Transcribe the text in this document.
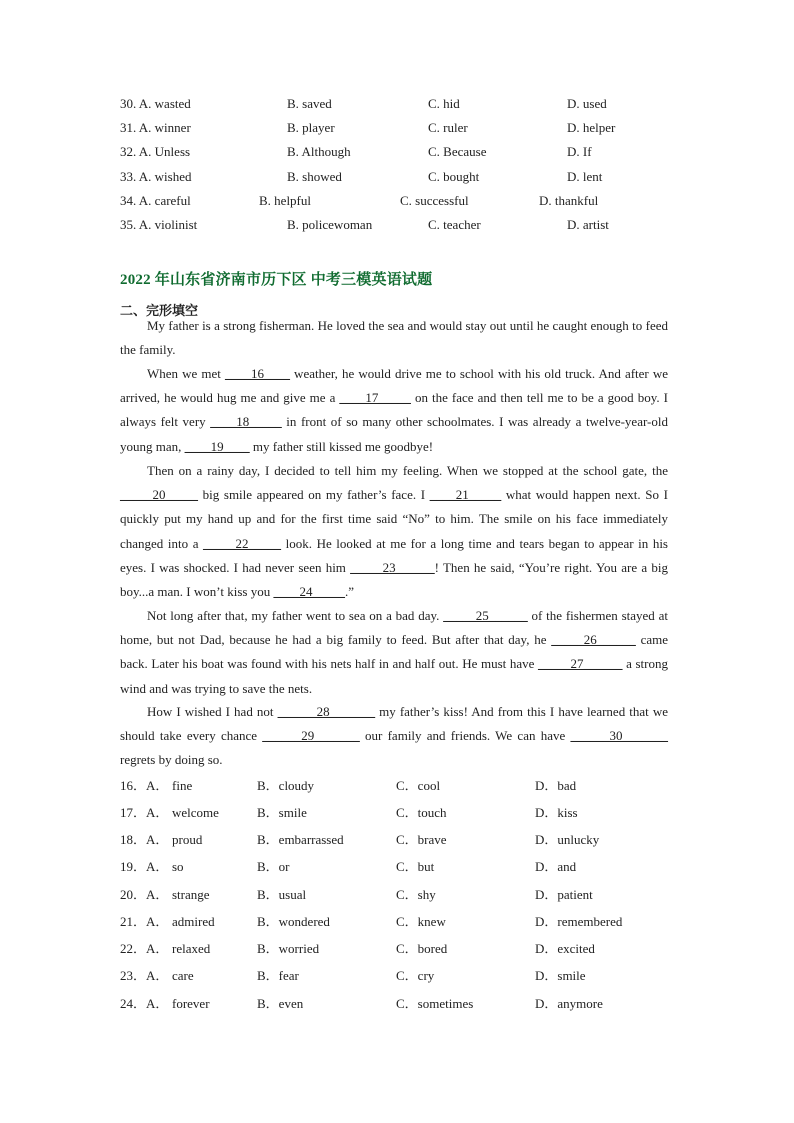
30. A. wasted	B. saved	C. hid	D. used
31. A. winner	B. player	C. ruler	D. helper
32. A. Unless	B. Although	C. Because	D. If
33. A. wished	B. showed	C. bought	D. lent
34. A. careful	B. helpful	C. successful	D. thankful
35. A. violinist	B. policewoman	C. teacher	D. artist
2022 年山东省济南市历下区 中考三模英语试题
二、完形填空

My father is a strong fisherman. He loved the sea and would stay out until he caught enough to feed the family.

When we met ____16____ weather, he would drive me to school with his old truck. And after we arrived, he would hug me and give me a ____17_____ on the face and then tell me to be a good boy. I always felt very ____18_____ in front of so many other schoolmates. I was already a twelve-year-old young man, ____19____ my father still kissed me goodbye!

Then on a rainy day, I decided to tell him my feeling. When we stopped at the school gate, the _____20_____ big smile appeared on my father’s face. I ____21_____ what would happen next. So I quickly put my hand up and for the first time said “No” to him. The smile on his face immediately changed into a _____22_____ look. He looked at me for a long time and tears began to appear in his eyes. I was shocked. I had never seen him _____23______! Then he said, “You’re right. You are a big boy...a man. I won’t kiss you ____24_____.”

Not long after that, my father went to sea on a bad day. _____25______ of the fishermen stayed at home, but not Dad, because he had a big family to feed. But after that day, he _____26______ came back. Later his boat was found with his nets half in and half out. He must have _____27______ a strong wind and was trying to save the nets.

How I wished I had not ______28_______ my father’s kiss! And from this I have learned that we should take every chance ______29_______ our family and friends. We can have ______30_______ regrets by doing so.

16．A． fine	B．cloudy	C．cool	D．bad
17．A． welcome	B．smile	C．touch	D．kiss
18．A． proud	B．embarrassed	C．brave	D．unlucky
19．A． so	B．or	C．but	D．and
20．A． strange	B．usual	C．shy	D．patient
21．A． admired	B．wondered	C．knew	D．remembered
22．A． relaxed	B．worried	C．bored	D．excited
23．A． care	B．fear	C．cry	D．smile
24．A． forever	B．even	C．sometimes	D．anymore
